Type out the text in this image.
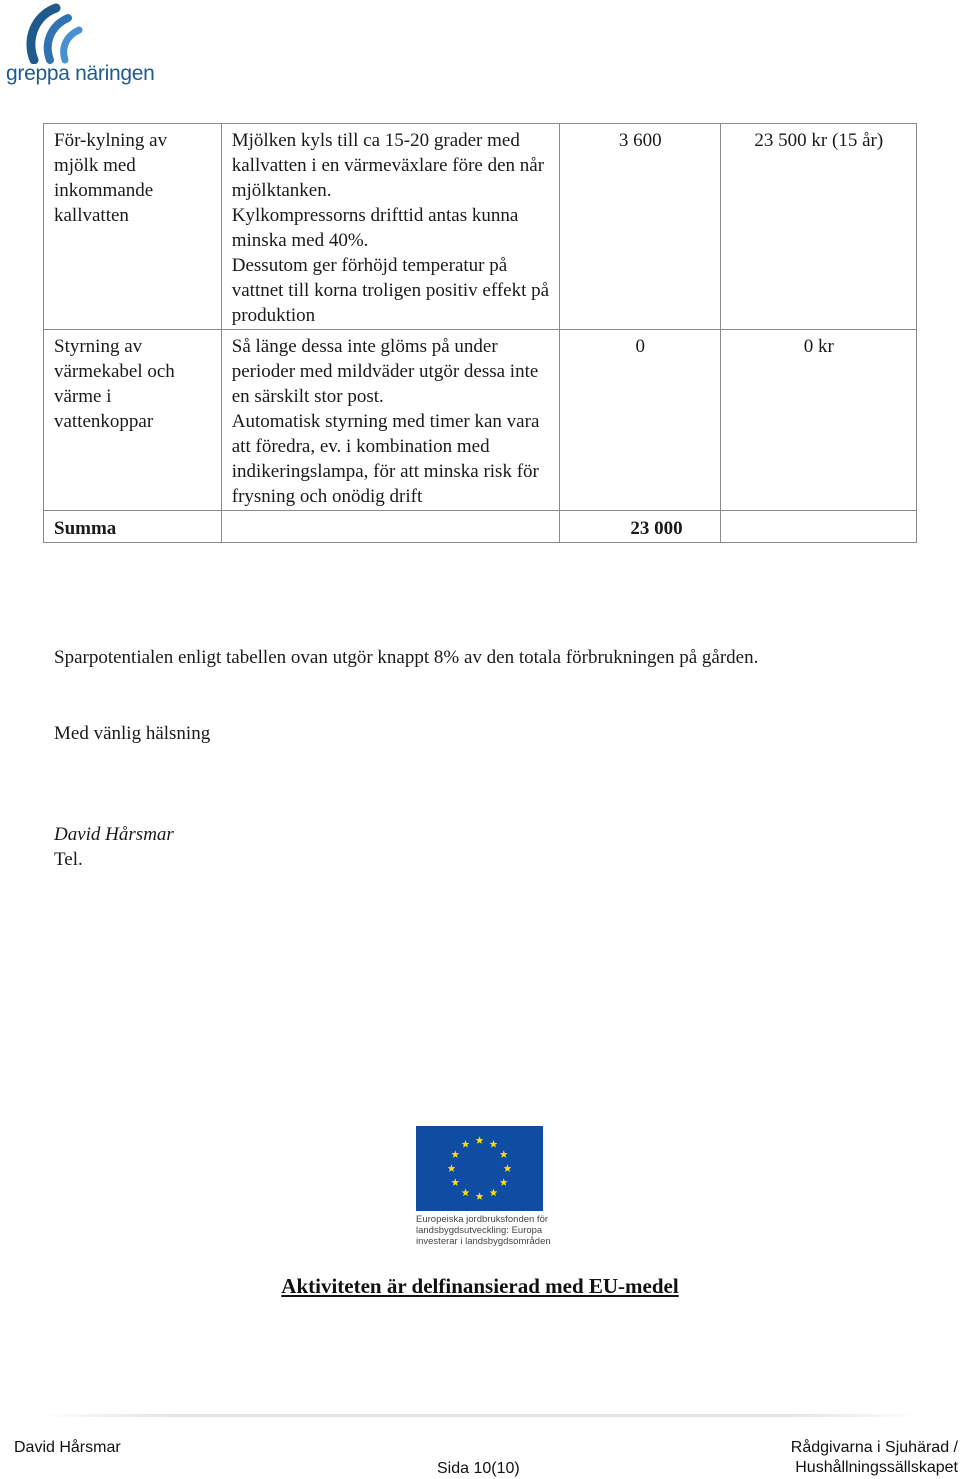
greppa näringen

För-kylning av mjölk med inkommande kallvatten	Mjölken kyls till ca 15-20 grader med kallvatten i en värmeväxlare före den når mjölktanken.

Kylkompressorns drifttid antas kunna minska med 40%.

Dessutom ger förhöjd temperatur på vattnet till korna troligen positiv effekt på produktion	3 600	23 500 kr (15 år)
Styrning av värmekabel och värme i vattenkoppar	Så länge dessa inte glöms på under perioder med mildväder utgör dessa inte en särskilt stor post.

Automatisk styrning med timer kan vara att föredra, ev. i kombination med indikeringslampa, för att minska risk för frysning och onödig drift	0	0 kr
Summa		23 000	

Sparpotentialen enligt tabellen ovan utgör knappt 8% av den totala förbrukningen på gården.

Med vänlig hälsning

David Hårsmar

Tel.

Europeiska jordbruksfonden för
landsbygdsutveckling: Europa
investerar i landsbygdsområden

Aktiviteten är delfinansierad med EU-medel

David Hårsmar

Sida 10(10)

Rådgivarna i Sjuhärad /
Hushållningssällskapet
